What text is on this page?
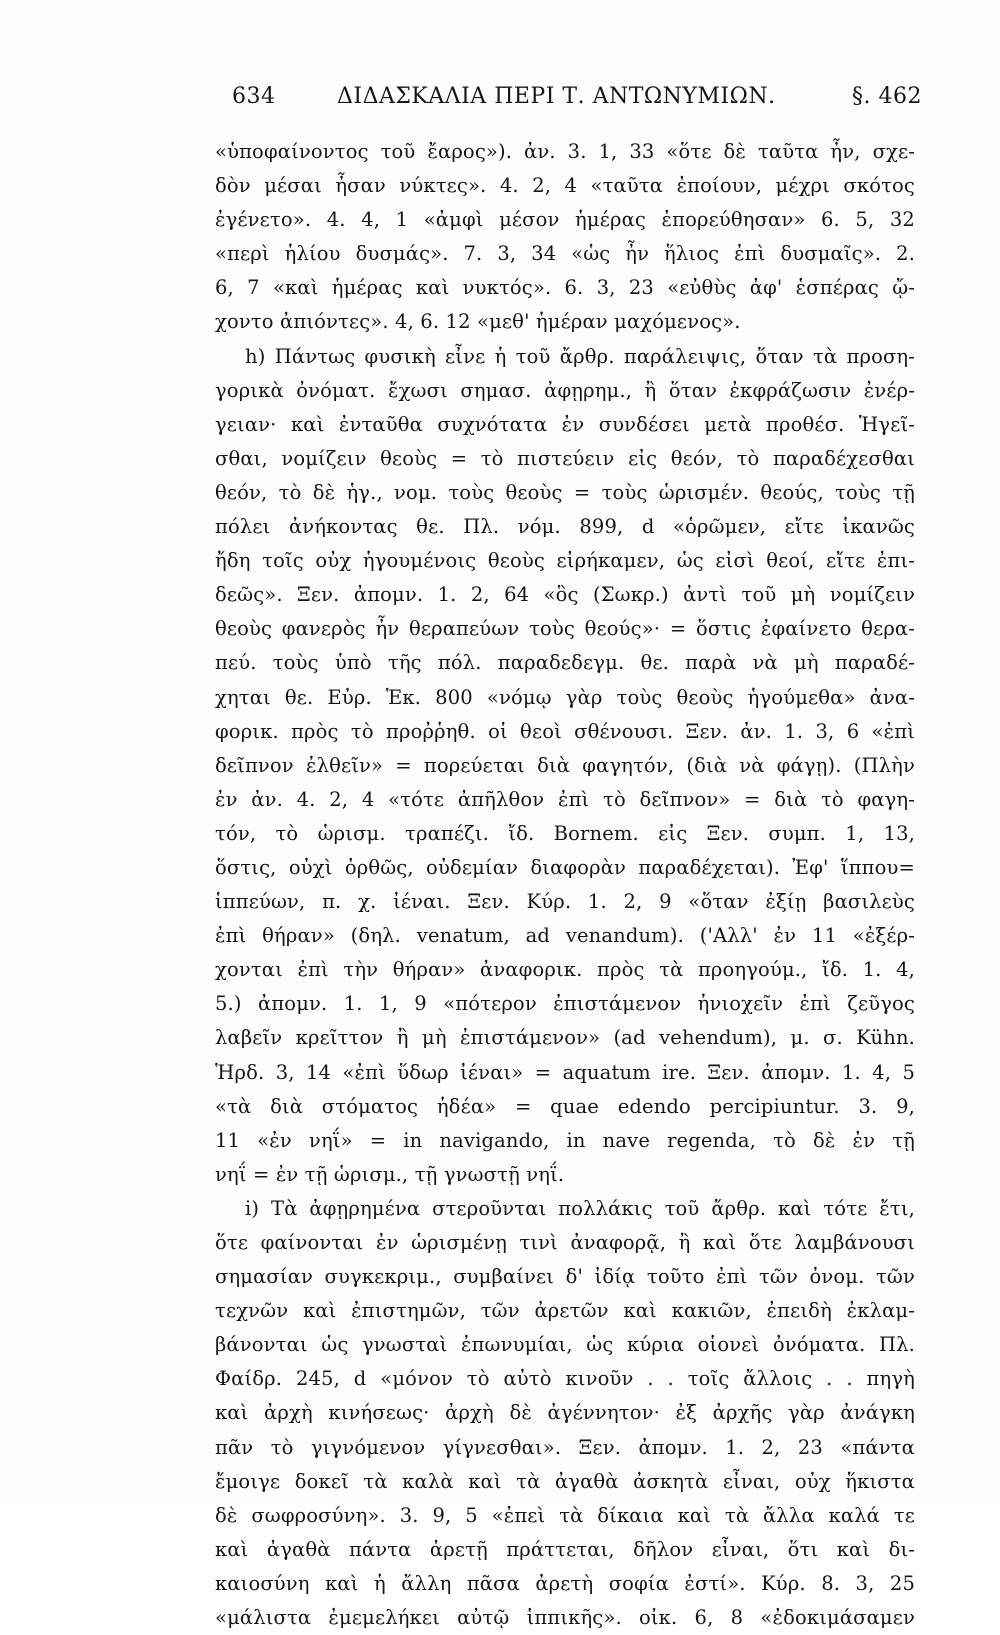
634	ΔΙΔΑΣΚΑΛΙΑ ΠΕΡΙ Τ. ΑΝΤΩΝΥΜΙΩΝ.	§. 462
«ὑποφαίνοντος τοῦ ἔαρος»). ἀν. 3. 1, 33 «ὅτε δὲ ταῦτα ἦν, σχε-
δὸν μέσαι ἦσαν νύκτες». 4. 2, 4 «ταῦτα ἐποίουν, μέχρι σκότος
ἐγένετο». 4. 4, 1 «ἀμφὶ μέσον ἡμέρας ἐπορεύθησαν» 6. 5, 32
«περὶ ἡλίου δυσμάς». 7. 3, 34 «ὡς ἦν ἥλιος ἐπὶ δυσμαῖς». 2.
6, 7 «καὶ ἡμέρας καὶ νυκτός». 6. 3, 23 «εὐθὺς ἀφ' ἑσπέρας ᾤ-
χοντο ἀπιόντες». 4, 6. 12 «μεθ' ἡμέραν μαχόμενος».
h) Πάντως φυσικὴ εἶνε ἡ τοῦ ἄρθρ. παράλειψις, ὅταν τὰ προση-
γορικὰ ὀνόματ. ἔχωσι σημασ. ἀφῃρημ., ἢ ὅταν ἐκφράζωσιν ἐνέρ-
γειαν· καὶ ἐνταῦθα συχνότατα ἐν συνδέσει μετὰ προθέσ. Ἡγεῖ-
σθαι, νομίζειν θεοὺς = τὸ πιστεύειν εἰς θεόν, τὸ παραδέχεσθαι
θεόν, τὸ δὲ ἡγ., νομ. τοὺς θεοὺς = τοὺς ὡρισμέν. θεούς, τοὺς τῇ
πόλει ἀνήκοντας θε. Πλ. νόμ. 899, d «ὁρῶμεν, εἴτε ἱκανῶς
ἤδη τοῖς οὐχ ἡγουμένοις θεοὺς εἰρήκαμεν, ὡς εἰσὶ θεοί, εἴτε ἐπι-
δεῶς». Ξεν. ἀπομν. 1. 2, 64 «ὃς (Σωκρ.) ἀντὶ τοῦ μὴ νομίζειν
θεοὺς φανερὸς ἦν θεραπεύων τοὺς θεούς»· = ὅστις ἐφαίνετο θερα-
πεύ. τοὺς ὑπὸ τῆς πόλ. παραδεδεγμ. θε. παρὰ νὰ μὴ παραδέ-
χηται θε. Εὐρ. Ἑκ. 800 «νόμῳ γὰρ τοὺς θεοὺς ἡγούμεθα» ἀνα-
φορικ. πρὸς τὸ προῤῥηθ. οἱ θεοὶ σθένουσι. Ξεν. ἀν. 1. 3, 6 «ἐπὶ
δεῖπνον ἐλθεῖν» = πορεύεται διὰ φαγητόν, (διὰ νὰ φάγῃ). (Πλὴν
ἐν ἀν. 4. 2, 4 «τότε ἀπῆλθον ἐπὶ τὸ δεῖπνον» = διὰ τὸ φαγη-
τόν, τὸ ὡρισμ. τραπέζι. ἴδ. Bornem. εἰς Ξεν. συμπ. 1, 13,
ὅστις, οὐχὶ ὀρθῶς, οὐδεμίαν διαφορὰν παραδέχεται). Ἐφ' ἵππου=
ἱππεύων, π. χ. ἰέναι. Ξεν. Κύρ. 1. 2, 9 «ὅταν ἐξίῃ βασιλεὺς
ἐπὶ θήραν» (δηλ. venatum, ad venandum). ('Αλλ' ἐν 11 «ἐξέρ-
χονται ἐπὶ τὴν θήραν» ἀναφορικ. πρὸς τὰ προηγούμ., ἴδ. 1. 4,
5.) ἀπομν. 1. 1, 9 «πότερον ἐπιστάμενον ἡνιοχεῖν ἐπὶ ζεῦγος
λαβεῖν κρεῖττον ἢ μὴ ἐπιστάμενον» (ad vehendum), μ. σ. Kühn.
Ἡρδ. 3, 14 «ἐπὶ ὕδωρ ἰέναι» = aquatum ire. Ξεν. ἀπομν. 1. 4, 5
«τὰ διὰ στόματος ἡδέα» = quae edendo percipiuntur. 3. 9,
11 «ἐν νηΐ» = in navigando, in nave regenda, τὸ δὲ ἐν τῇ
νηΐ = ἐν τῇ ὡρισμ., τῇ γνωστῇ νηΐ.
i) Τὰ ἀφῃρημένα στεροῦνται πολλάκις τοῦ ἄρθρ. καὶ τότε ἔτι,
ὅτε φαίνονται ἐν ὡρισμένῃ τινὶ ἀναφορᾷ, ἢ καὶ ὅτε λαμβάνουσι
σημασίαν συγκεκριμ., συμβαίνει δ' ἰδίᾳ τοῦτο ἐπὶ τῶν ὀνομ. τῶν
τεχνῶν καὶ ἐπιστημῶν, τῶν ἀρετῶν καὶ κακιῶν, ἐπειδὴ ἐκλαμ-
βάνονται ὡς γνωσταὶ ἐπωνυμίαι, ὡς κύρια οἱονεὶ ὀνόματα. Πλ.
Φαίδρ. 245, d «μόνον τὸ αὐτὸ κινοῦν . . τοῖς ἄλλοις . . πηγὴ
καὶ ἀρχὴ κινήσεως· ἀρχὴ δὲ ἀγέννητον· ἐξ ἀρχῆς γὰρ ἀνάγκη
πᾶν τὸ γιγνόμενον γίγνεσθαι». Ξεν. ἀπομν. 1. 2, 23 «πάντα
ἔμοιγε δοκεῖ τὰ καλὰ καὶ τὰ ἀγαθὰ ἀσκητὰ εἶναι, οὐχ ἥκιστα
δὲ σωφροσύνη». 3. 9, 5 «ἐπεὶ τὰ δίκαια καὶ τὰ ἄλλα καλά τε
καὶ ἀγαθὰ πάντα ἀρετῇ πράττεται, δῆλον εἶναι, ὅτι καὶ δι-
καιοσύνη καὶ ἡ ἄλλη πᾶσα ἀρετὴ σοφία ἐστί». Κύρ. 8. 3, 25
«μάλιστα ἐμεμελήκει αὐτῷ ἱππικῆς». οἰκ. 6, 8 «ἐδοκιμάσαμεν
